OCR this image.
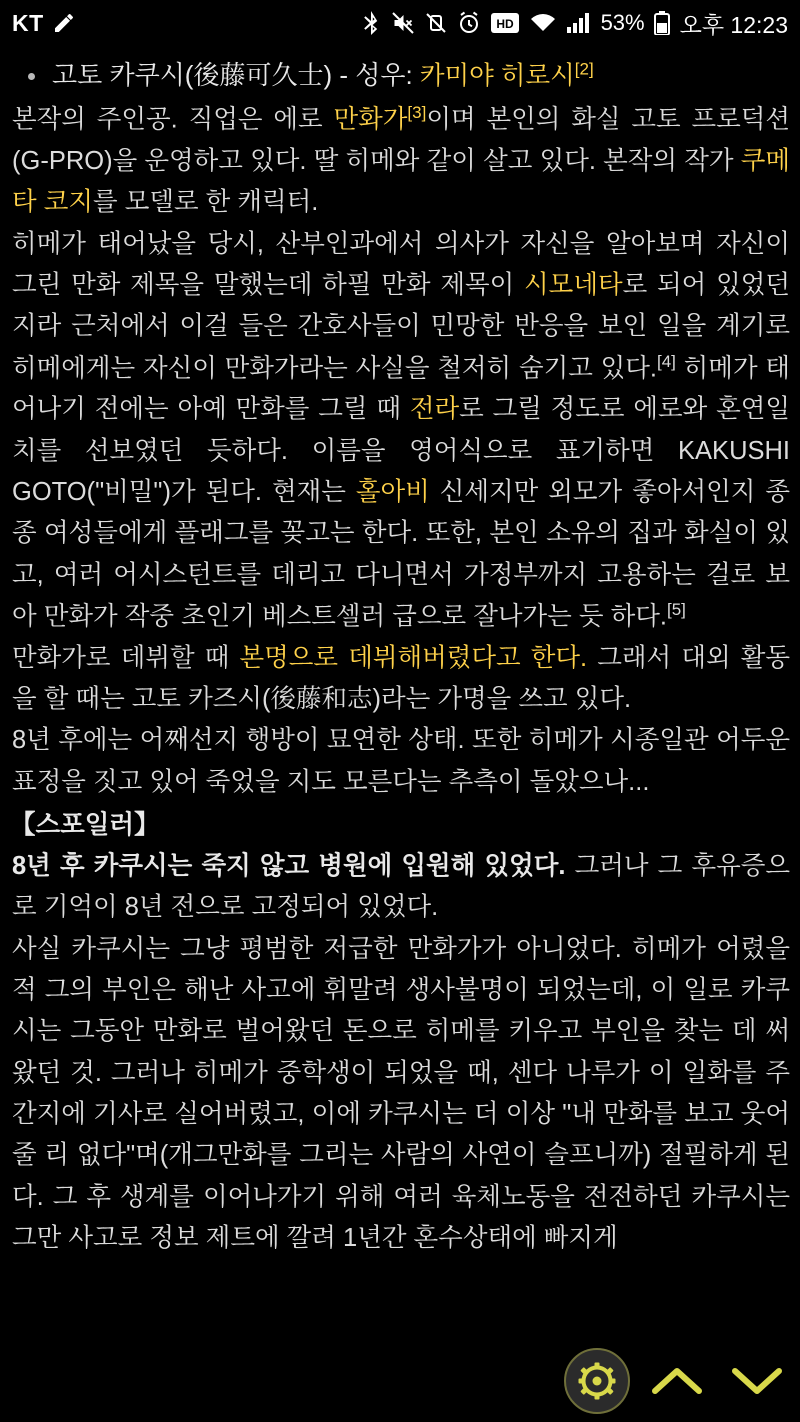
KT	HD	53% 오후 12:23
고토 카쿠시(後藤可久士) - 성우: 카미야 히로시[2]

본작의 주인공. 직업은 에로 만화가[3]이며 본인의 화실 고토 프로덕션(G-PRO)을 운영하고 있다. 딸 히메와 같이 살고 있다. 본작의 작가 쿠메타 코지를 모델로 한 캐릭터.

히메가 태어났을 당시, 산부인과에서 의사가 자신을 알아보며 자신이 그린 만화 제목을 말했는데 하필 만화 제목이 시모네타로 되어 있었던지라 근처에서 이걸 들은 간호사들이 민망한 반응을 보인 일을 계기로 히메에게는 자신이 만화가라는 사실을 철저히 숨기고 있다.[4] 히메가 태어나기 전에는 아예 만화를 그릴 때 전라로 그릴 정도로 에로와 혼연일치를 선보였던 듯하다. 이름을 영어식으로 표기하면 KAKUSHI GOTO("비밀")가 된다. 현재는 홀아비 신세지만 외모가 좋아서인지 종종 여성들에게 플래그를 꽂고는 한다. 또한, 본인 소유의 집과 화실이 있고, 여러 어시스턴트를 데리고 다니면서 가정부까지 고용하는 걸로 보아 만화가 작중 초인기 베스트셀러 급으로 잘나가는 듯 하다.[5]

만화가로 데뷔할 때 본명으로 데뷔해버렸다고 한다. 그래서 대외 활동을 할 때는 고토 카즈시(後藤和志)라는 가명을 쓰고 있다.

8년 후에는 어째선지 행방이 묘연한 상태. 또한 히메가 시종일관 어두운 표정을 짓고 있어 죽었을 지도 모른다는 추측이 돌았으나...

【스포일러】

8년 후 카쿠시는 죽지 않고 병원에 입원해 있었다. 그러나 그 후유증으로 기억이 8년 전으로 고정되어 있었다.

사실 카쿠시는 그냥 평범한 저급한 만화가가 아니었다. 히메가 어렸을 적 그의 부인은 해난 사고에 휘말려 생사불명이 되었는데, 이 일로 카쿠시는 그동안 만화로 벌어왔던 돈으로 히메를 키우고 부인을 찾는 데 써왔던 것. 그러나 히메가 중학생이 되었을 때, 센다 나루가 이 일화를 주간지에 기사로 실어버렸고, 이에 카쿠시는 더 이상 "내 만화를 보고 웃어줄 리 없다"며(개그만화를 그리는 사람의 사연이 슬프니까) 절필하게 된다. 그 후 생계를 이어나가기 위해 여러 육체노동을 전전하던 카쿠시는 그만 사고로 정보 제트에 깔려 1년간 혼수상태에 빠지게
